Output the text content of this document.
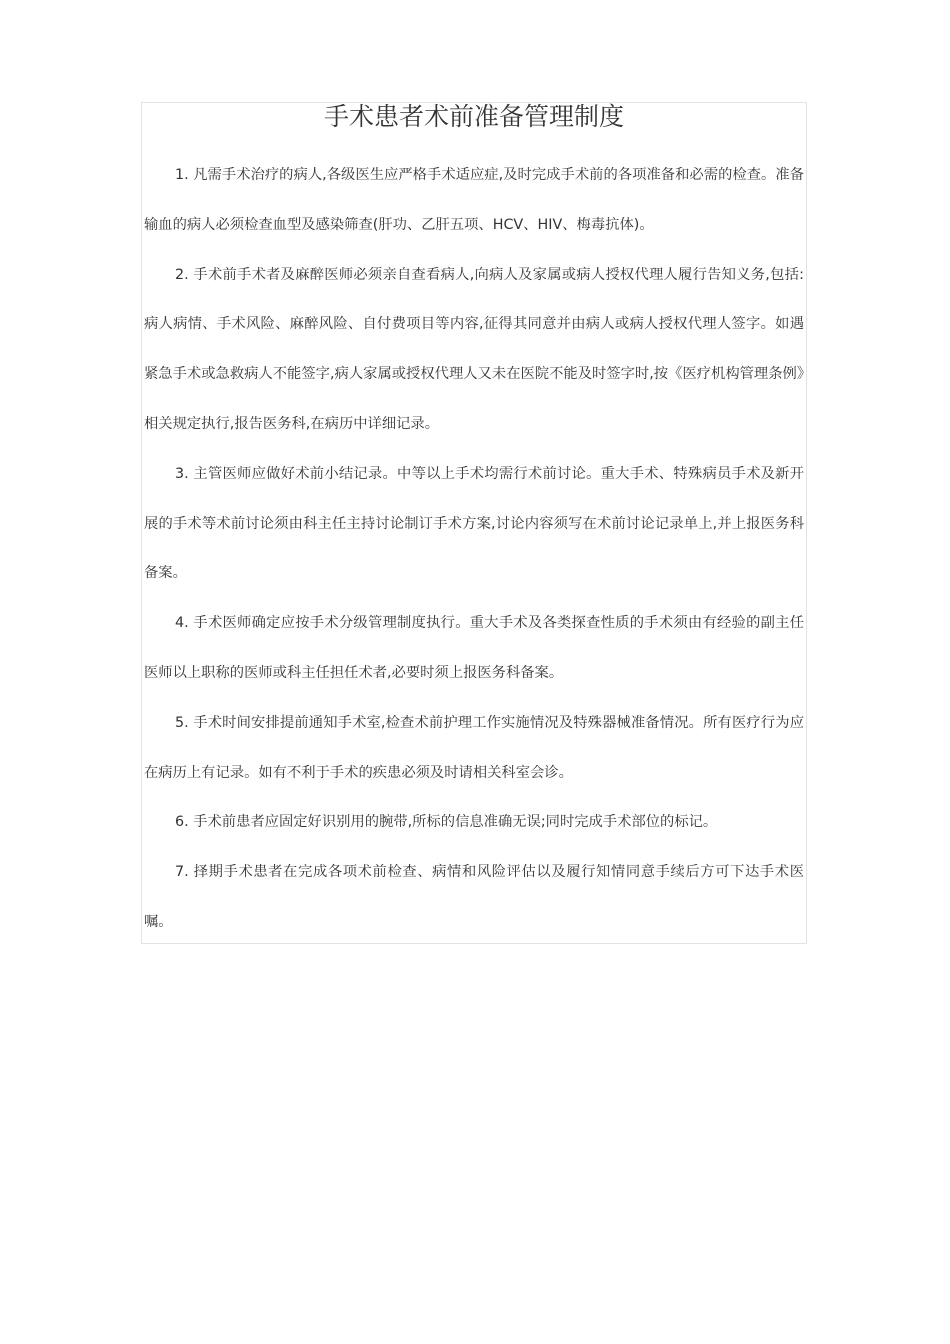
手术患者术前准备管理制度

1. 凡需手术治疗的病人,各级医生应严格手术适应症,及时完成手术前的各项准备和必需的检查。准备输血的病人必须检查血型及感染筛查(肝功、乙肝五项、HCV、HIV、梅毒抗体)。

2. 手术前手术者及麻醉医师必须亲自查看病人,向病人及家属或病人授权代理人履行告知义务,包括:病人病情、手术风险、麻醉风险、自付费项目等内容,征得其同意并由病人或病人授权代理人签字。如遇紧急手术或急救病人不能签字,病人家属或授权代理人又未在医院不能及时签字时,按《医疗机构管理条例》相关规定执行,报告医务科,在病历中详细记录。

3. 主管医师应做好术前小结记录。中等以上手术均需行术前讨论。重大手术、特殊病员手术及新开展的手术等术前讨论须由科主任主持讨论制订手术方案,讨论内容须写在术前讨论记录单上,并上报医务科备案。

4. 手术医师确定应按手术分级管理制度执行。重大手术及各类探查性质的手术须由有经验的副主任医师以上职称的医师或科主任担任术者,必要时须上报医务科备案。

5. 手术时间安排提前通知手术室,检查术前护理工作实施情况及特殊器械准备情况。所有医疗行为应在病历上有记录。如有不利于手术的疾患必须及时请相关科室会诊。

6. 手术前患者应固定好识别用的腕带,所标的信息准确无误;同时完成手术部位的标记。

7. 择期手术患者在完成各项术前检查、病情和风险评估以及履行知情同意手续后方可下达手术医嘱。
